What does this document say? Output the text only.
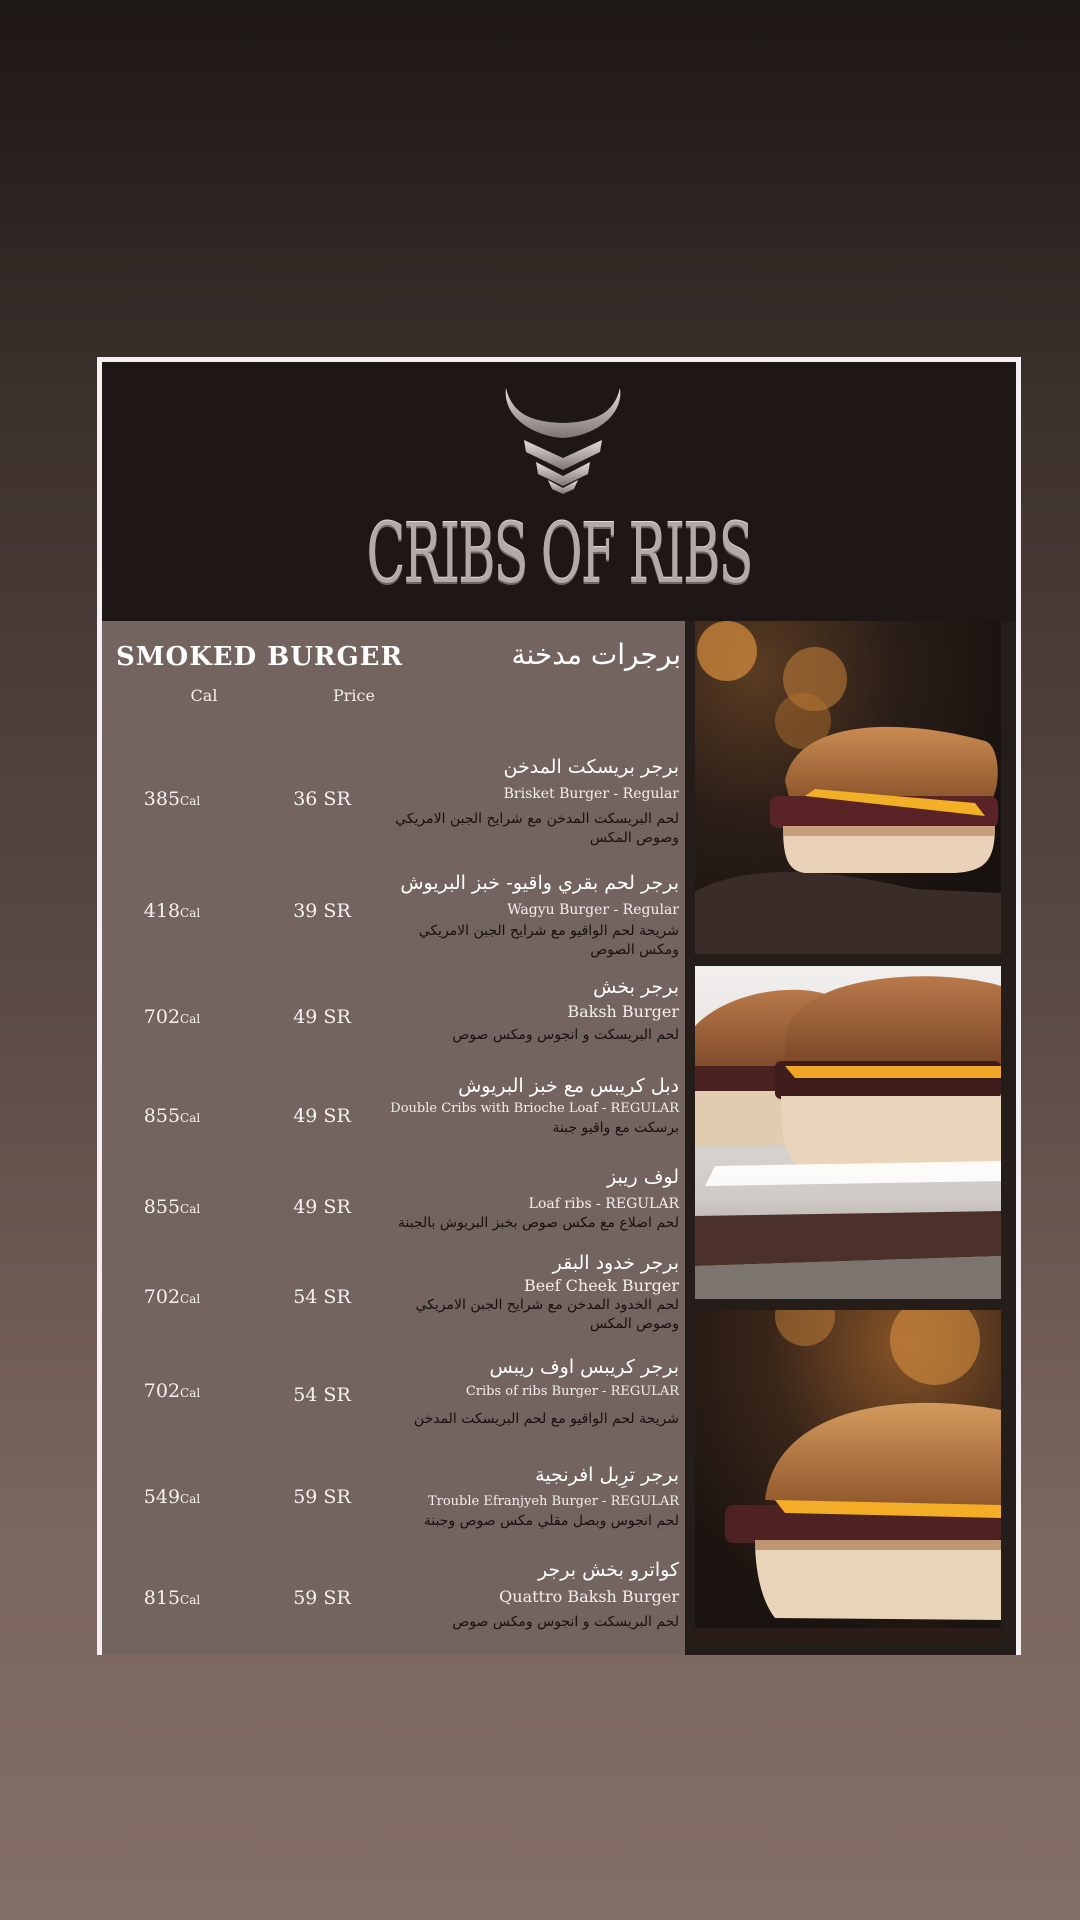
CRIBS OF RIBS
SMOKED BURGER	برجرات مدخنة
Cal	Price
385Cal	36 SR
برجر بريسكت المدخن
Brisket Burger - Regular
لحم البريسكت المدخن مع شرايح الجبن الامريكي وصوص المكس
418Cal	39 SR
برجر لحم بقري واقيو- خبز البريوش
Wagyu Burger - Regular
شريحة لحم الواقيو مع شرايح الجبن الامريكي ومكس الصوص
702Cal	49 SR
برجر بخش
Baksh Burger
لحم البريسكت و انجوس ومكس صوص
855Cal	49 SR
دبل كريبس مع خبز البريوش
Double Cribs with Brioche Loaf - REGULAR
برسكت مع واقيو جبنة
855Cal	49 SR
لوف ريبز
Loaf ribs - REGULAR
لحم اضلاع مع مكس صوص بخبز البريوش بالجبنة
702Cal	54 SR
برجر خدود البقر
Beef Cheek Burger
لحم الخدود المدخن مع شرايح الجبن الامريكي وصوص المكس
702Cal	54 SR
برجر كريبس اوف ريبس
Cribs of ribs Burger - REGULAR
شريحة لحم الواقيو مع لحم البريسكت المدخن
549Cal	59 SR
برجر ترِبل افرنجية
Trouble Efranjyeh Burger - REGULAR
لحم انجوس وبصل مقلي مكس صوص وجبنة
815Cal	59 SR
كواترو بخش برجر
Quattro Baksh Burger
لحم البريسكت و انجوس ومكس صوص
